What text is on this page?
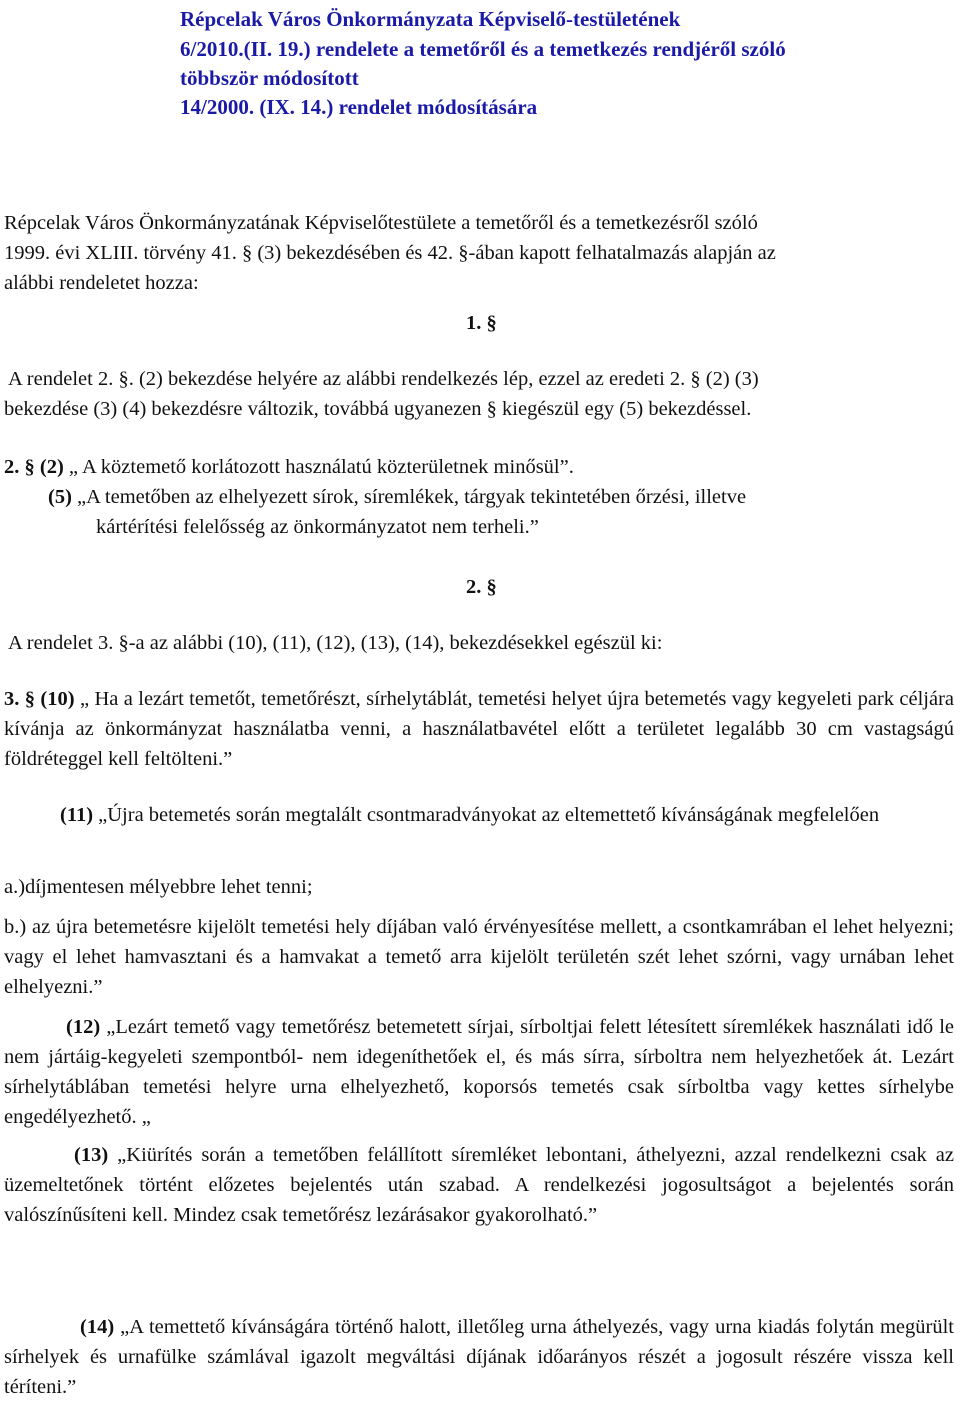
Répcelak Város Önkormányzata Képviselő-testületének

6/2010.(II. 19.) rendelete a temetőről és a temetkezés rendjéről szóló

többször módosított

14/2000. (IX. 14.) rendelet módosítására

Répcelak Város Önkormányzatának Képviselőtestülete a temetőről és a temetkezésről szóló

1999. évi XLIII. törvény 41. § (3) bekezdésében és 42. §-ában kapott felhatalmazás alapján az

alábbi rendeletet hozza:

1. §

A rendelet 2. §. (2) bekezdése helyére az alábbi rendelkezés lép, ezzel az eredeti 2. § (2) (3)

bekezdése (3) (4) bekezdésre változik, továbbá ugyanezen § kiegészül egy (5) bekezdéssel.

2. § (2) „ A köztemető korlátozott használatú közterületnek minősül”.

(5) „A temetőben az elhelyezett sírok, síremlékek, tárgyak tekintetében őrzési, illetve

kártérítési felelősség az önkormányzatot nem terheli.”

2. §

A rendelet 3. §-a az alábbi (10), (11), (12), (13), (14), bekezdésekkel egészül ki:

3. § (10) „ Ha a lezárt temetőt, temetőrészt, sírhelytáblát, temetési helyet újra betemetés vagy kegyeleti park céljára kívánja az önkormányzat használatba venni, a használatbavétel előtt a területet legalább 30 cm vastagságú földréteggel kell feltölteni.”

(11) „Újra betemetés során megtalált csontmaradványokat az eltemettető kívánságának megfelelően

a.)díjmentesen mélyebbre lehet tenni;

b.) az újra betemetésre kijelölt temetési hely díjában való érvényesítése mellett, a csontkamrában el lehet helyezni; vagy el lehet hamvasztani és a hamvakat a temető arra kijelölt területén szét lehet szórni, vagy urnában lehet elhelyezni.”

(12) „Lezárt temető vagy temetőrész betemetett sírjai, sírboltjai felett létesített síremlékek használati idő le nem jártáig-kegyeleti szempontból- nem idegeníthetőek el, és más sírra, sírboltra nem helyezhetőek át. Lezárt sírhelytáblában temetési helyre urna elhelyezhető, koporsós temetés csak sírboltba vagy kettes sírhelybe engedélyezhető. „

(13) „Kiürítés során a temetőben felállított síremléket lebontani, áthelyezni, azzal rendelkezni csak az üzemeltetőnek történt előzetes bejelentés után szabad. A rendelkezési jogosultságot a bejelentés során valószínűsíteni kell. Mindez csak temetőrész lezárásakor gyakorolható.”

(14) „A temettető kívánságára történő halott, illetőleg urna áthelyezés, vagy urna kiadás folytán megürült sírhelyek és urnafülke számlával igazolt megváltási díjának időarányos részét a jogosult részére vissza kell téríteni.”
